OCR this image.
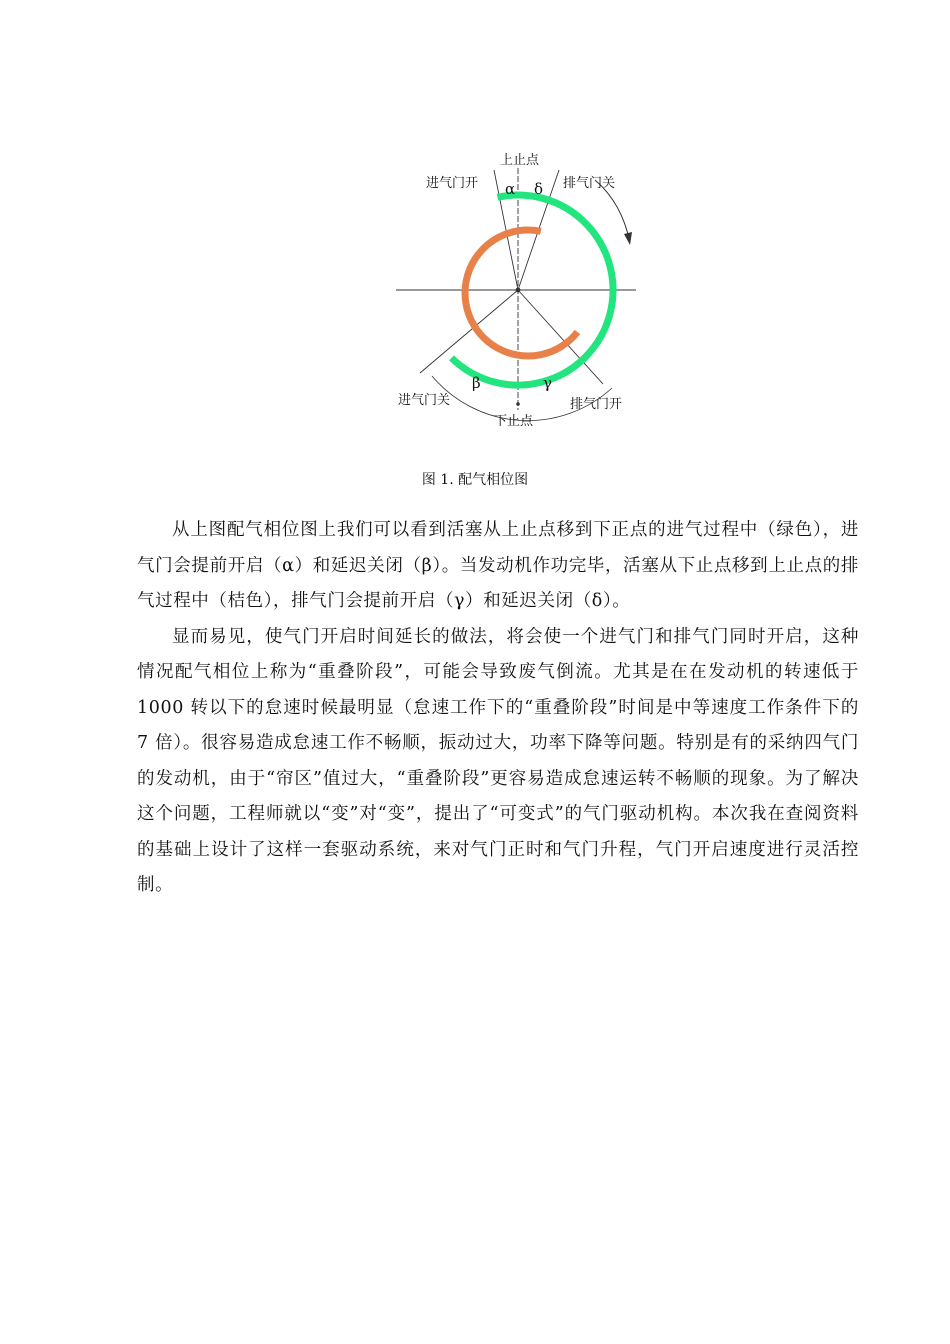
上止点
进气门开	排气门关
进气门关
下止点
排气门开
α δ
β	γ
图 1. 配气相位图

从上图配气相位图上我们可以看到活塞从上止点移到下正点的进气过程中（绿色），进气门会提前开启（α）和延迟关闭（β）。当发动机作功完毕，活塞从下止点移到上止点的排气过程中（桔色），排气门会提前开启（γ）和延迟关闭（δ）。

显而易见，使气门开启时间延长的做法，将会使一个进气门和排气门同时开启，这种情况配气相位上称为“重叠阶段”，可能会导致废气倒流。尤其是在在发动机的转速低于 1000 转以下的怠速时候最明显（怠速工作下的“重叠阶段”时间是中等速度工作条件下的 7 倍）。很容易造成怠速工作不畅顺，振动过大，功率下降等问题。特别是有的采纳四气门的发动机，由于“帘区”值过大，“重叠阶段”更容易造成怠速运转不畅顺的现象。为了解决这个问题，工程师就以“变”对“变”，提出了“可变式”的气门驱动机构。本次我在查阅资料的基础上设计了这样一套驱动系统，来对气门正时和气门升程，气门开启速度进行灵活控制。
